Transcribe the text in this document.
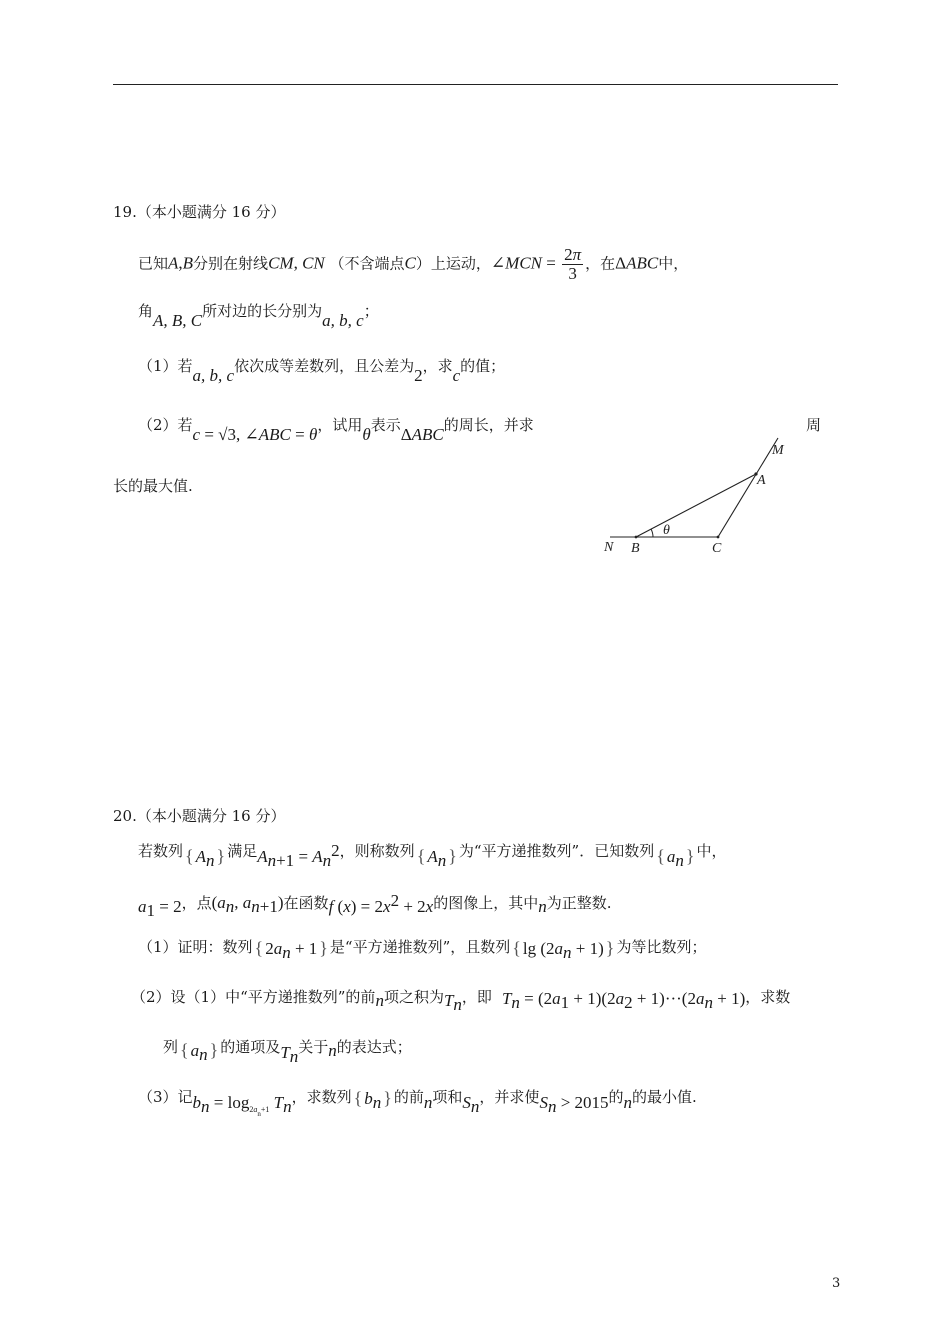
19.（本小题满分 16 分）
已知A,B分别在射线CM, CN （不含端点C）上运动，∠MCN = $\frac{2\pi}{3}$ ，在ΔABC中，
角A, B, C所对边的长分别为a, b, c；
（1）若a, b, c依次成等差数列，且公差为2，求c的值；
（2）若c = √3, ∠ABC = θ，试用θ表示ΔABC的周长，并求	周
长的最大值.
M
A
θ
N B	C
20.（本小题满分 16 分）
若数列 { $A_n$ } 满足$A_{n+1} = A_n^2$，则称数列 { $A_n$ } 为“平方递推数列”．已知数列 { $a_n$ } 中，
$a_1 = 2$，点($a_n$, $a_{n+1}$)在函数f $(x) = 2x^2 + 2x$的图像上，其中n为正整数.
（1）证明：数列 { $2a_n + 1$ } 是“平方递推数列”，且数列 { $\lg (2a_n + 1)$ } 为等比数列；
（2）设（1）中“平方递推数列”的前n项之积为$T_n$，即 $T_n = (2a_1 + 1)(2a_2 + 1)\cdot\cdot\cdot(2a_n + 1)$，求数
列 { $a_n$ } 的通项及$T_n$关于n的表达式；
（3）记$b_n = \log_{2a_n+1} T_n$，求数列 { $b_n$ } 的前n项和$S_n$，并求使$S_n > 2015$的n的最小值.
3
